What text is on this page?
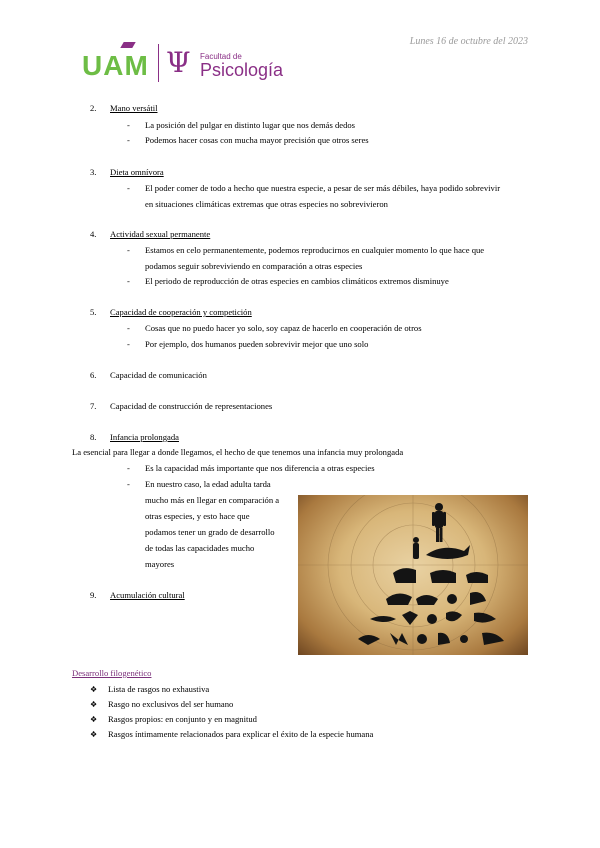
Lunes 16 de octubre del 2023
UAM Ψ Facultad de
Psicología
2. Mano versátil
- La posición del pulgar en distinto lugar que nos demás dedos
- Podemos hacer cosas con mucha mayor precisión que otros seres
3. Dieta omnívora
- El poder comer de todo a hecho que nuestra especie, a pesar de ser más débiles, haya podido sobrevivir
en situaciones climáticas extremas que otras especies no sobrevivieron
4. Actividad sexual permanente
- Estamos en celo permanentemente, podemos reproducirnos en cualquier momento lo que hace que
podamos seguir sobreviviendo en comparación a otras especies
- El periodo de reproducción de otras especies en cambios climáticos extremos disminuye
5. Capacidad de cooperación y competición
- Cosas que no puedo hacer yo solo, soy capaz de hacerlo en cooperación de otros
- Por ejemplo, dos humanos pueden sobrevivir mejor que uno solo
6. Capacidad de comunicación
7. Capacidad de construcción de representaciones
8. Infancia prolongada
La esencial para llegar a donde llegamos, el hecho de que tenemos una infancia muy prolongada
- Es la capacidad más importante que nos diferencia a otras especies
- En nuestro caso, la edad adulta tarda
mucho más en llegar en comparación a
otras especies, y esto hace que
podamos tener un grado de desarrollo
de todas las capacidades mucho
mayores
9. Acumulación cultural
Desarrollo filogenético
❖ Lista de rasgos no exhaustiva
❖ Rasgo no exclusivos del ser humano
❖ Rasgos propios: en conjunto y en magnitud
❖ Rasgos íntimamente relacionados para explicar el éxito de la especie humana
